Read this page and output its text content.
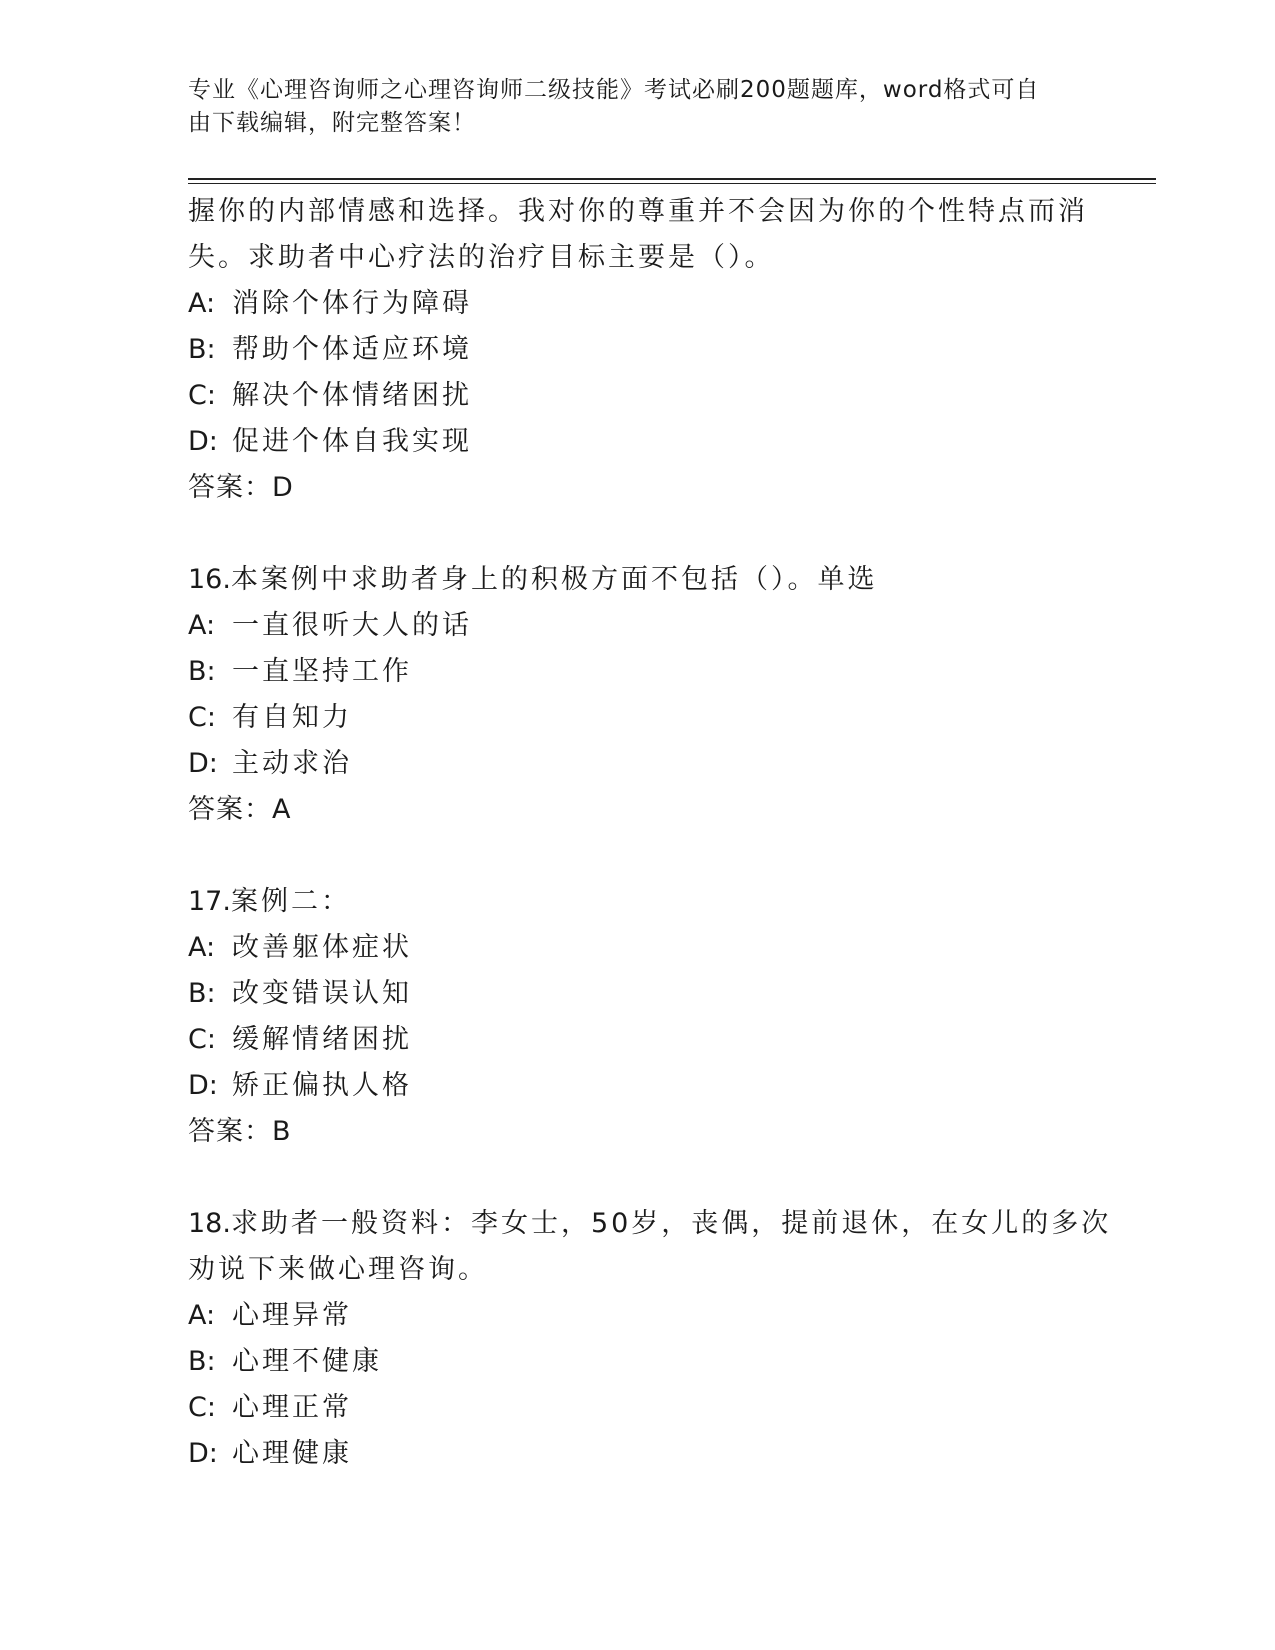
专业《心理咨询师之心理咨询师二级技能》考试必刷200题题库，word格式可自
由下载编辑，附完整答案！
握你的内部情感和选择。我对你的尊重并不会因为你的个性特点而消
失。求助者中心疗法的治疗目标主要是（）。
A: 消除个体行为障碍
B: 帮助个体适应环境
C: 解决个体情绪困扰
D: 促进个体自我实现
答案：D
16.本案例中求助者身上的积极方面不包括（）。单选
A: 一直很听大人的话
B: 一直坚持工作
C: 有自知力
D: 主动求治
答案：A
17.案例二：
A: 改善躯体症状
B: 改变错误认知
C: 缓解情绪困扰
D: 矫正偏执人格
答案：B
18.求助者一般资料：李女士，50岁，丧偶，提前退休，在女儿的多次
劝说下来做心理咨询。
A: 心理异常
B: 心理不健康
C: 心理正常
D: 心理健康
